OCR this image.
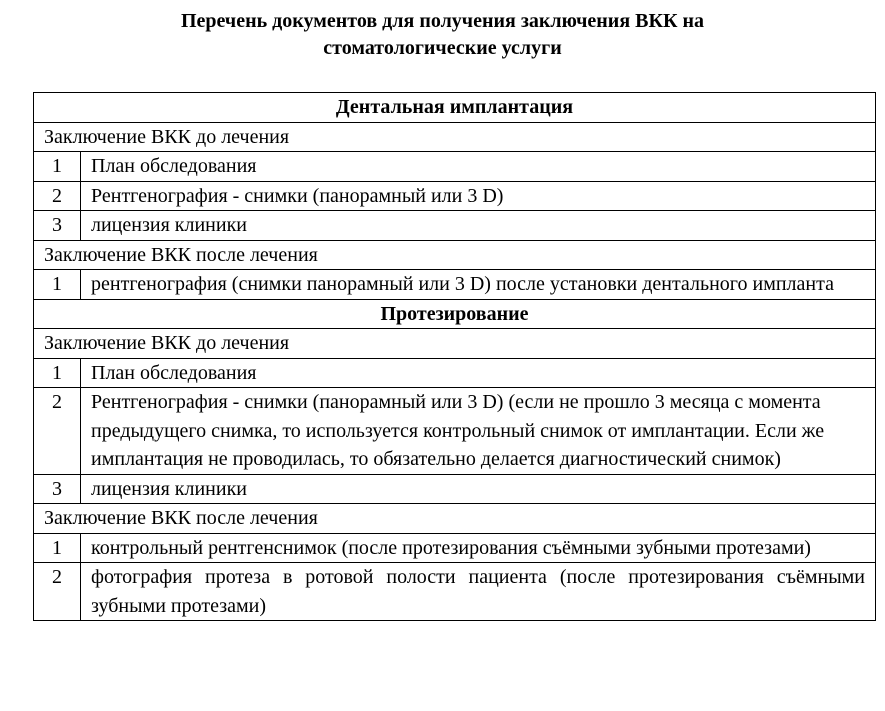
Перечень документов для получения заключения ВКК на
стоматологические услуги
Дентальная имплантация	
Заключение ВКК до лечения	
1	План обследования
2	Рентгенография - снимки (панорамный или 3 D)
3	лицензия клиники
Заключение ВКК после лечения	
1	рентгенография (снимки панорамный или 3 D) после установки дентального импланта
Протезирование	
Заключение ВКК до лечения	
1	План обследования
2	Рентгенография - снимки (панорамный или 3 D) (если не прошло 3 месяца с момента предыдущего снимка, то используется контрольный снимок от имплантации. Если же имплантация не проводилась, то обязательно делается диагностический снимок)
3	лицензия клиники
Заключение ВКК после лечения	
1	контрольный рентгенснимок (после протезирования съёмными зубными протезами)
2	фотография протеза в ротовой полости пациента (после протезирования съёмными зубными протезами)
